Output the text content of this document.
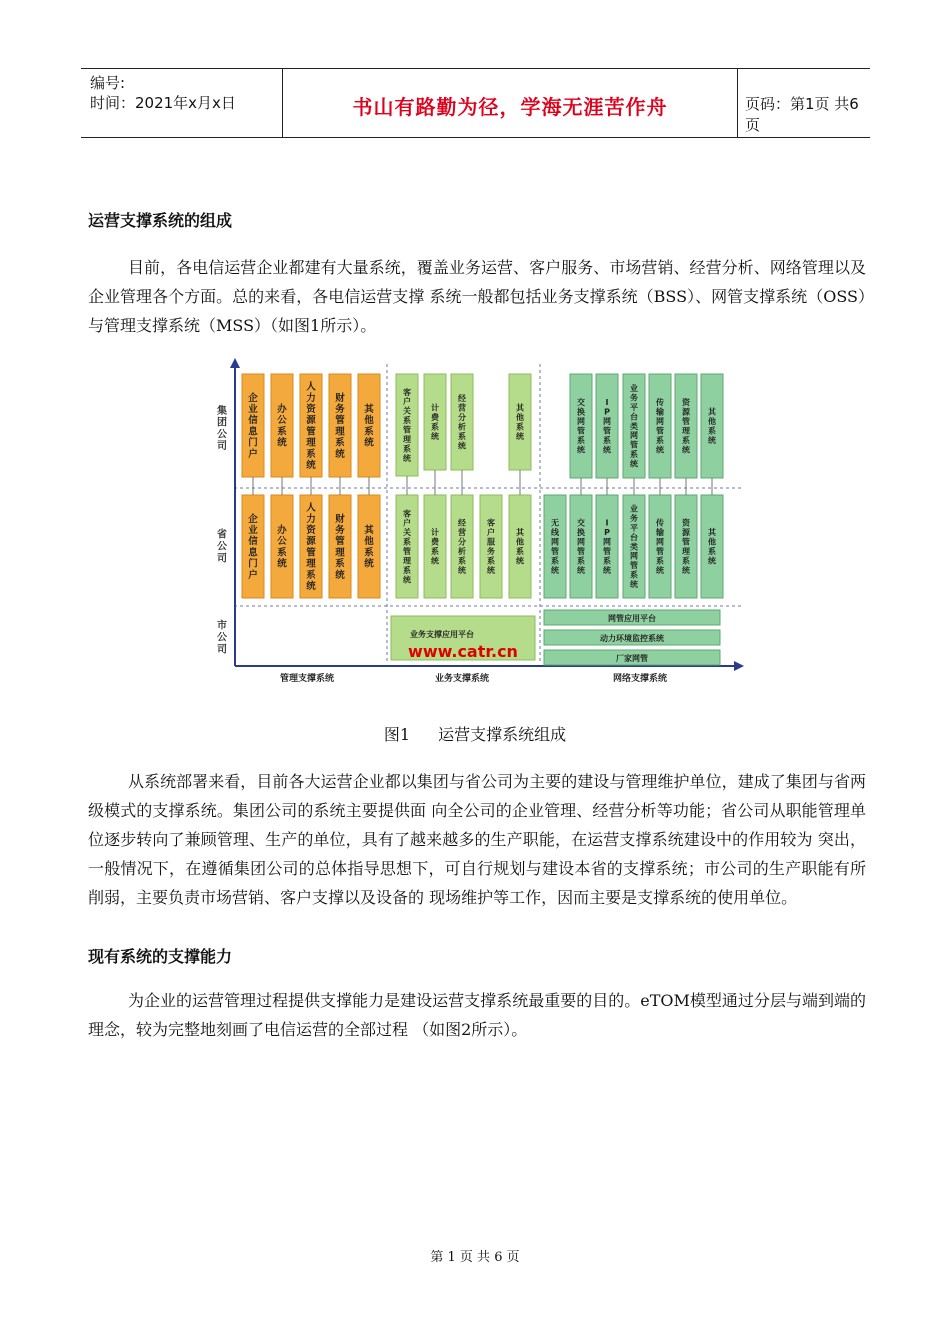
编号:
时间：2021年x月x日	书山有路勤为径，学海无涯苦作舟	页码：第1页 共6页
运营支撑系统的组成

目前，各电信运营企业都建有大量系统，覆盖业务运营、客户服务、市场营销、经营分析、网络管理以及企业管理各个方面。总的来看，各电信运营支撑 系统一般都包括业务支撑系统（BSS）、网管支撑系统（OSS）与管理支撑系统（MSS）（如图1所示）。

集团公司
省公司
市公司
管理支撑系统	业务支撑系统	网络支撑系统
企业信息门户
办公系统
人力资源管理系统
财务管理系统
其他系统
企业信息门户
办公系统
人力资源管理系统
财务管理系统
其他系统
客户关系管理系统
计费系统
经营分析系统
其他系统
客户关系管理系统
计费系统
经营分析系统
客户服务系统
其他系统
交换网管系统
I P 网管系统
业务平台类网管系统
传输网管系统
资源管理系统
其他系统
无线网管系统
交换网管系统
I P 网管系统
业务平台类网管系统
传输网管系统
资源管理系统
其他系统
业务支撑应用平台
www.catr.cn
网管应用平台
动力环境监控系统
厂家网管
图1 运营支撑系统组成

从系统部署来看，目前各大运营企业都以集团与省公司为主要的建设与管理维护单位，建成了集团与省两级模式的支撑系统。集团公司的系统主要提供面 向全公司的企业管理、经营分析等功能；省公司从职能管理单位逐步转向了兼顾管理、生产的单位，具有了越来越多的生产职能，在运营支撑系统建设中的作用较为 突出，一般情况下，在遵循集团公司的总体指导思想下，可自行规划与建设本省的支撑系统；市公司的生产职能有所削弱，主要负责市场营销、客户支撑以及设备的 现场维护等工作，因而主要是支撑系统的使用单位。

现有系统的支撑能力

为企业的运营管理过程提供支撑能力是建设运营支撑系统最重要的目的。eTOM模型通过分层与端到端的理念，较为完整地刻画了电信运营的全部过程 （如图2所示）。

第 1 页 共 6 页
